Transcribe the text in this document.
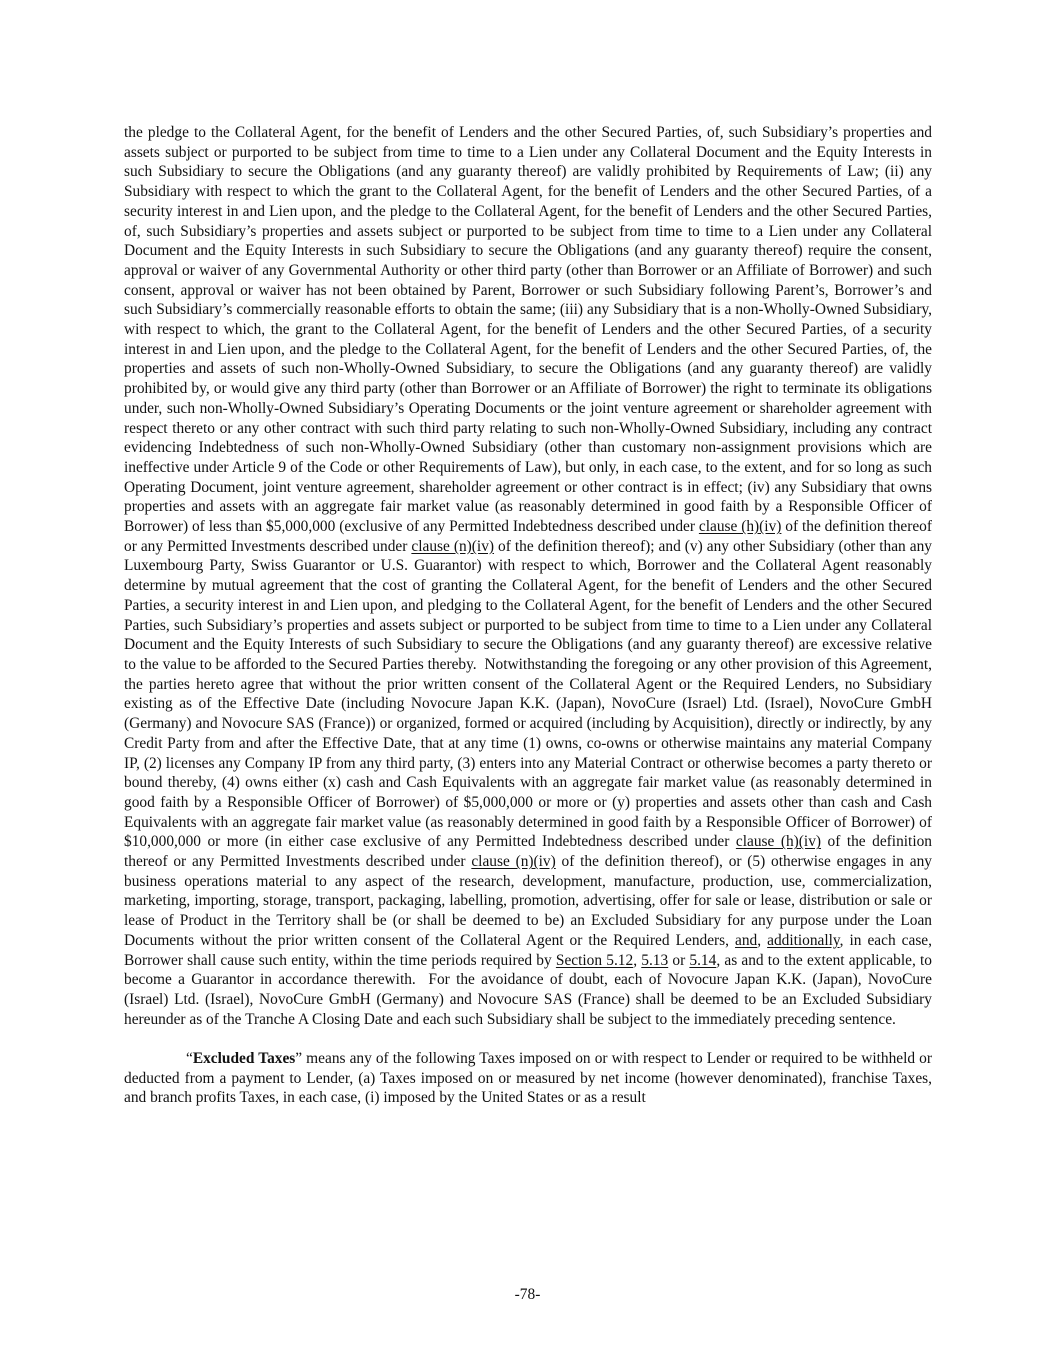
the pledge to the Collateral Agent, for the benefit of Lenders and the other Secured Parties, of, such Subsidiary’s properties and assets subject or purported to be subject from time to time to a Lien under any Collateral Document and the Equity Interests in such Subsidiary to secure the Obligations (and any guaranty thereof) are validly prohibited by Requirements of Law; (ii) any Subsidiary with respect to which the grant to the Collateral Agent, for the benefit of Lenders and the other Secured Parties, of a security interest in and Lien upon, and the pledge to the Collateral Agent, for the benefit of Lenders and the other Secured Parties, of, such Subsidiary’s properties and assets subject or purported to be subject from time to time to a Lien under any Collateral Document and the Equity Interests in such Subsidiary to secure the Obligations (and any guaranty thereof) require the consent, approval or waiver of any Governmental Authority or other third party (other than Borrower or an Affiliate of Borrower) and such consent, approval or waiver has not been obtained by Parent, Borrower or such Subsidiary following Parent’s, Borrower’s and such Subsidiary’s commercially reasonable efforts to obtain the same; (iii) any Subsidiary that is a non-Wholly-Owned Subsidiary, with respect to which, the grant to the Collateral Agent, for the benefit of Lenders and the other Secured Parties, of a security interest in and Lien upon, and the pledge to the Collateral Agent, for the benefit of Lenders and the other Secured Parties, of, the properties and assets of such non-Wholly-Owned Subsidiary, to secure the Obligations (and any guaranty thereof) are validly prohibited by, or would give any third party (other than Borrower or an Affiliate of Borrower) the right to terminate its obligations under, such non-Wholly-Owned Subsidiary’s Operating Documents or the joint venture agreement or shareholder agreement with respect thereto or any other contract with such third party relating to such non-Wholly-Owned Subsidiary, including any contract evidencing Indebtedness of such non-Wholly-Owned Subsidiary (other than customary non-assignment provisions which are ineffective under Article 9 of the Code or other Requirements of Law), but only, in each case, to the extent, and for so long as such Operating Document, joint venture agreement, shareholder agreement or other contract is in effect; (iv) any Subsidiary that owns properties and assets with an aggregate fair market value (as reasonably determined in good faith by a Responsible Officer of Borrower) of less than $5,000,000 (exclusive of any Permitted Indebtedness described under clause (h)(iv) of the definition thereof or any Permitted Investments described under clause (n)(iv) of the definition thereof); and (v) any other Subsidiary (other than any Luxembourg Party, Swiss Guarantor or U.S. Guarantor) with respect to which, Borrower and the Collateral Agent reasonably determine by mutual agreement that the cost of granting the Collateral Agent, for the benefit of Lenders and the other Secured Parties, a security interest in and Lien upon, and pledging to the Collateral Agent, for the benefit of Lenders and the other Secured Parties, such Subsidiary’s properties and assets subject or purported to be subject from time to time to a Lien under any Collateral Document and the Equity Interests of such Subsidiary to secure the Obligations (and any guaranty thereof) are excessive relative to the value to be afforded to the Secured Parties thereby.  Notwithstanding the foregoing or any other provision of this Agreement, the parties hereto agree that without the prior written consent of the Collateral Agent or the Required Lenders, no Subsidiary existing as of the Effective Date (including Novocure Japan K.K. (Japan), NovoCure (Israel) Ltd. (Israel), NovoCure GmbH (Germany) and Novocure SAS (France)) or organized, formed or acquired (including by Acquisition), directly or indirectly, by any Credit Party from and after the Effective Date, that at any time (1) owns, co-owns or otherwise maintains any material Company IP, (2) licenses any Company IP from any third party, (3) enters into any Material Contract or otherwise becomes a party thereto or bound thereby, (4) owns either (x) cash and Cash Equivalents with an aggregate fair market value (as reasonably determined in good faith by a Responsible Officer of Borrower) of $5,000,000 or more or (y) properties and assets other than cash and Cash Equivalents with an aggregate fair market value (as reasonably determined in good faith by a Responsible Officer of Borrower) of $10,000,000 or more (in either case exclusive of any Permitted Indebtedness described under clause (h)(iv) of the definition thereof or any Permitted Investments described under clause (n)(iv) of the definition thereof), or (5) otherwise engages in any business operations material to any aspect of the research, development, manufacture, production, use, commercialization, marketing, importing, storage, transport, packaging, labelling, promotion, advertising, offer for sale or lease, distribution or sale or lease of Product in the Territory shall be (or shall be deemed to be) an Excluded Subsidiary for any purpose under the Loan Documents without the prior written consent of the Collateral Agent or the Required Lenders, and, additionally, in each case, Borrower shall cause such entity, within the time periods required by Section 5.12, 5.13 or 5.14, as and to the extent applicable, to become a Guarantor in accordance therewith.  For the avoidance of doubt, each of Novocure Japan K.K. (Japan), NovoCure (Israel) Ltd. (Israel), NovoCure GmbH (Germany) and Novocure SAS (France) shall be deemed to be an Excluded Subsidiary hereunder as of the Tranche A Closing Date and each such Subsidiary shall be subject to the immediately preceding sentence.

“Excluded Taxes” means any of the following Taxes imposed on or with respect to Lender or required to be withheld or deducted from a payment to Lender, (a) Taxes imposed on or measured by net income (however denominated), franchise Taxes, and branch profits Taxes, in each case, (i) imposed by the United States or as a result

-78-
